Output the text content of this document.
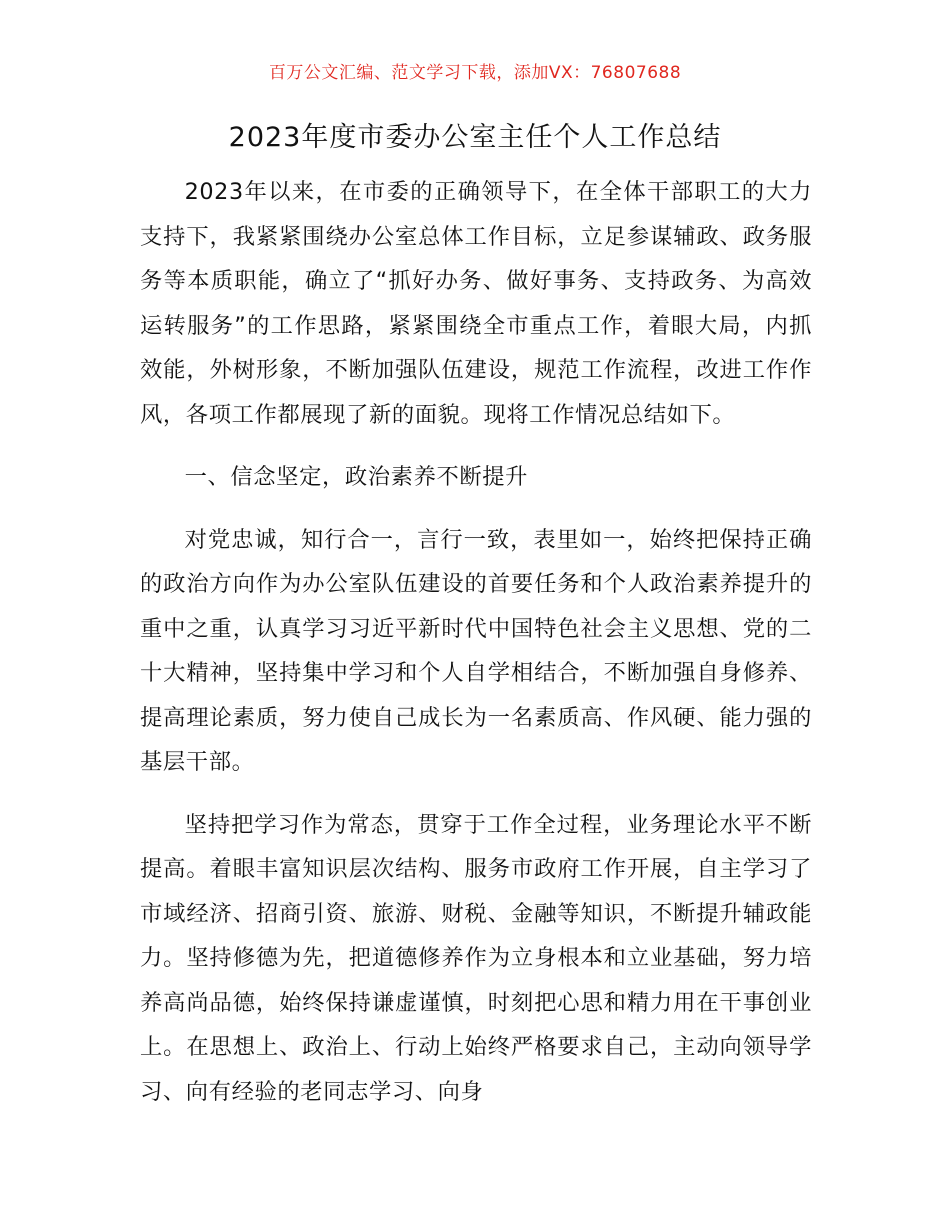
百万公文汇编、范文学习下载，添加VX：76807688
2023年度市委办公室主任个人工作总结

2023年以来，在市委的正确领导下，在全体干部职工的大力支持下，我紧紧围绕办公室总体工作目标，立足参谋辅政、政务服务等本质职能，确立了“抓好办务、做好事务、支持政务、为高效运转服务”的工作思路，紧紧围绕全市重点工作，着眼大局，内抓效能，外树形象，不断加强队伍建设，规范工作流程，改进工作作风，各项工作都展现了新的面貌。现将工作情况总结如下。

一、信念坚定，政治素养不断提升

对党忠诚，知行合一，言行一致，表里如一，始终把保持正确的政治方向作为办公室队伍建设的首要任务和个人政治素养提升的重中之重，认真学习习近平新时代中国特色社会主义思想、党的二十大精神，坚持集中学习和个人自学相结合，不断加强自身修养、提高理论素质，努力使自己成长为一名素质高、作风硬、能力强的基层干部。

坚持把学习作为常态，贯穿于工作全过程，业务理论水平不断提高。着眼丰富知识层次结构、服务市政府工作开展，自主学习了市域经济、招商引资、旅游、财税、金融等知识，不断提升辅政能力。坚持修德为先，把道德修养作为立身根本和立业基础，努力培养高尚品德，始终保持谦虚谨慎，时刻把心思和精力用在干事创业上。在思想上、政治上、行动上始终严格要求自己，主动向领导学习、向有经验的老同志学习、向身
